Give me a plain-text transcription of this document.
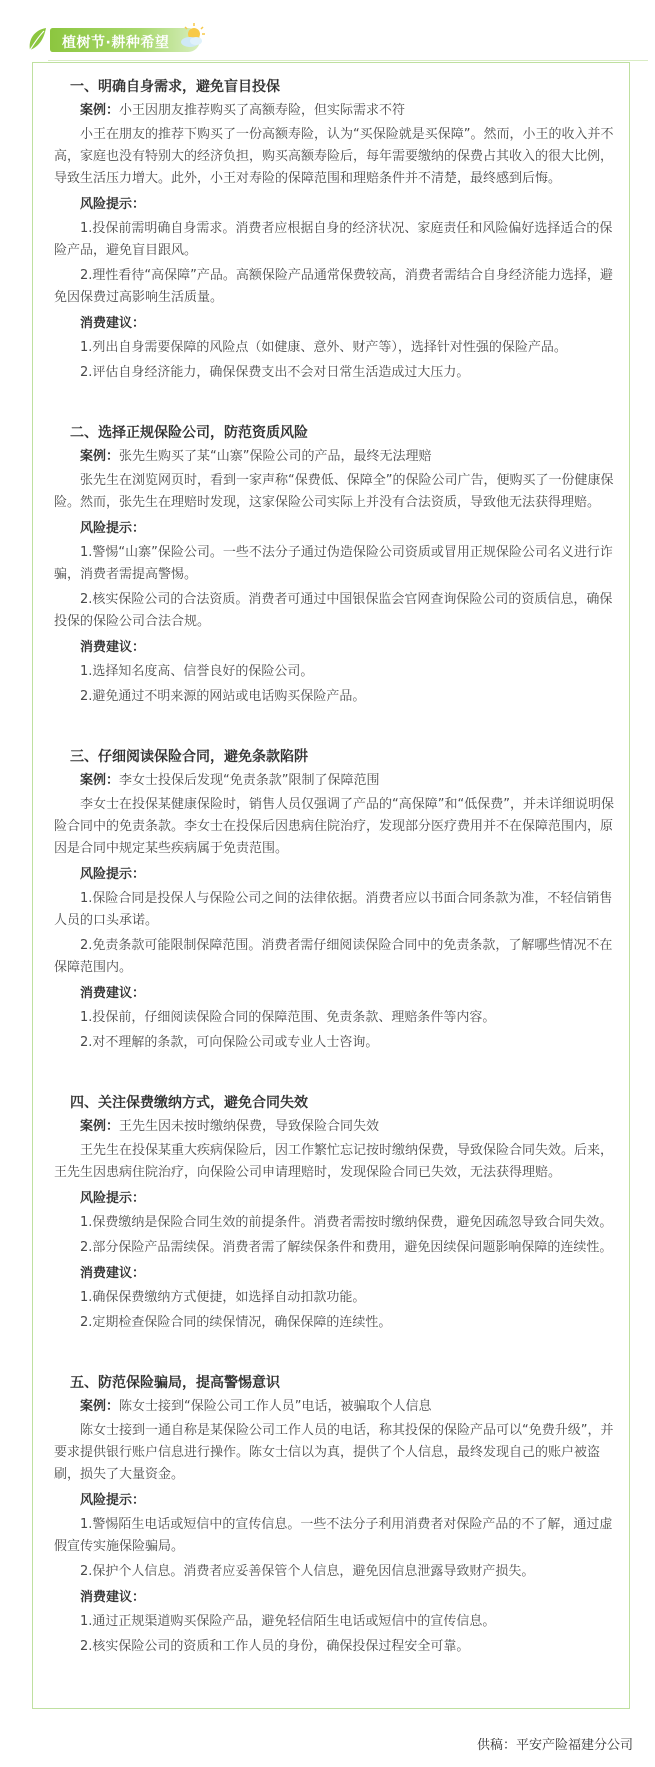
植树节·耕种希望
一、明确自身需求，避免盲目投保
案例：小王因朋友推荐购买了高额寿险，但实际需求不符

小王在朋友的推荐下购买了一份高额寿险，认为“买保险就是买保障”。然而，小王的收入并不高，家庭也没有特别大的经济负担，购买高额寿险后，每年需要缴纳的保费占其收入的很大比例，导致生活压力增大。此外，小王对寿险的保障范围和理赔条件并不清楚，最终感到后悔。

风险提示：

1.投保前需明确自身需求。消费者应根据自身的经济状况、家庭责任和风险偏好选择适合的保险产品，避免盲目跟风。

2.理性看待“高保障”产品。高额保险产品通常保费较高，消费者需结合自身经济能力选择，避免因保费过高影响生活质量。

消费建议：

1.列出自身需要保障的风险点（如健康、意外、财产等），选择针对性强的保险产品。

2.评估自身经济能力，确保保费支出不会对日常生活造成过大压力。

二、选择正规保险公司，防范资质风险
案例：张先生购买了某“山寨”保险公司的产品，最终无法理赔

张先生在浏览网页时，看到一家声称“保费低、保障全”的保险公司广告，便购买了一份健康保险。然而，张先生在理赔时发现，这家保险公司实际上并没有合法资质，导致他无法获得理赔。

风险提示：

1.警惕“山寨”保险公司。一些不法分子通过伪造保险公司资质或冒用正规保险公司名义进行诈骗，消费者需提高警惕。

2.核实保险公司的合法资质。消费者可通过中国银保监会官网查询保险公司的资质信息，确保投保的保险公司合法合规。

消费建议：

1.选择知名度高、信誉良好的保险公司。

2.避免通过不明来源的网站或电话购买保险产品。

三、仔细阅读保险合同，避免条款陷阱
案例：李女士投保后发现“免责条款”限制了保障范围

李女士在投保某健康保险时，销售人员仅强调了产品的“高保障”和“低保费”，并未详细说明保险合同中的免责条款。李女士在投保后因患病住院治疗，发现部分医疗费用并不在保障范围内，原因是合同中规定某些疾病属于免责范围。

风险提示：

1.保险合同是投保人与保险公司之间的法律依据。消费者应以书面合同条款为准，不轻信销售人员的口头承诺。

2.免责条款可能限制保障范围。消费者需仔细阅读保险合同中的免责条款，了解哪些情况不在保障范围内。

消费建议：

1.投保前，仔细阅读保险合同的保障范围、免责条款、理赔条件等内容。

2.对不理解的条款，可向保险公司或专业人士咨询。

四、关注保费缴纳方式，避免合同失效
案例：王先生因未按时缴纳保费，导致保险合同失效

王先生在投保某重大疾病保险后，因工作繁忙忘记按时缴纳保费，导致保险合同失效。后来，王先生因患病住院治疗，向保险公司申请理赔时，发现保险合同已失效，无法获得理赔。

风险提示：

1.保费缴纳是保险合同生效的前提条件。消费者需按时缴纳保费，避免因疏忽导致合同失效。

2.部分保险产品需续保。消费者需了解续保条件和费用，避免因续保问题影响保障的连续性。

消费建议：

1.确保保费缴纳方式便捷，如选择自动扣款功能。

2.定期检查保险合同的续保情况，确保保障的连续性。

五、防范保险骗局，提高警惕意识
案例：陈女士接到“保险公司工作人员”电话，被骗取个人信息

陈女士接到一通自称是某保险公司工作人员的电话，称其投保的保险产品可以“免费升级”，并要求提供银行账户信息进行操作。陈女士信以为真，提供了个人信息，最终发现自己的账户被盗刷，损失了大量资金。

风险提示：

1.警惕陌生电话或短信中的宣传信息。一些不法分子利用消费者对保险产品的不了解，通过虚假宣传实施保险骗局。

2.保护个人信息。消费者应妥善保管个人信息，避免因信息泄露导致财产损失。

消费建议：

1.通过正规渠道购买保险产品，避免轻信陌生电话或短信中的宣传信息。

2.核实保险公司的资质和工作人员的身份，确保投保过程安全可靠。

供稿：平安产险福建分公司
